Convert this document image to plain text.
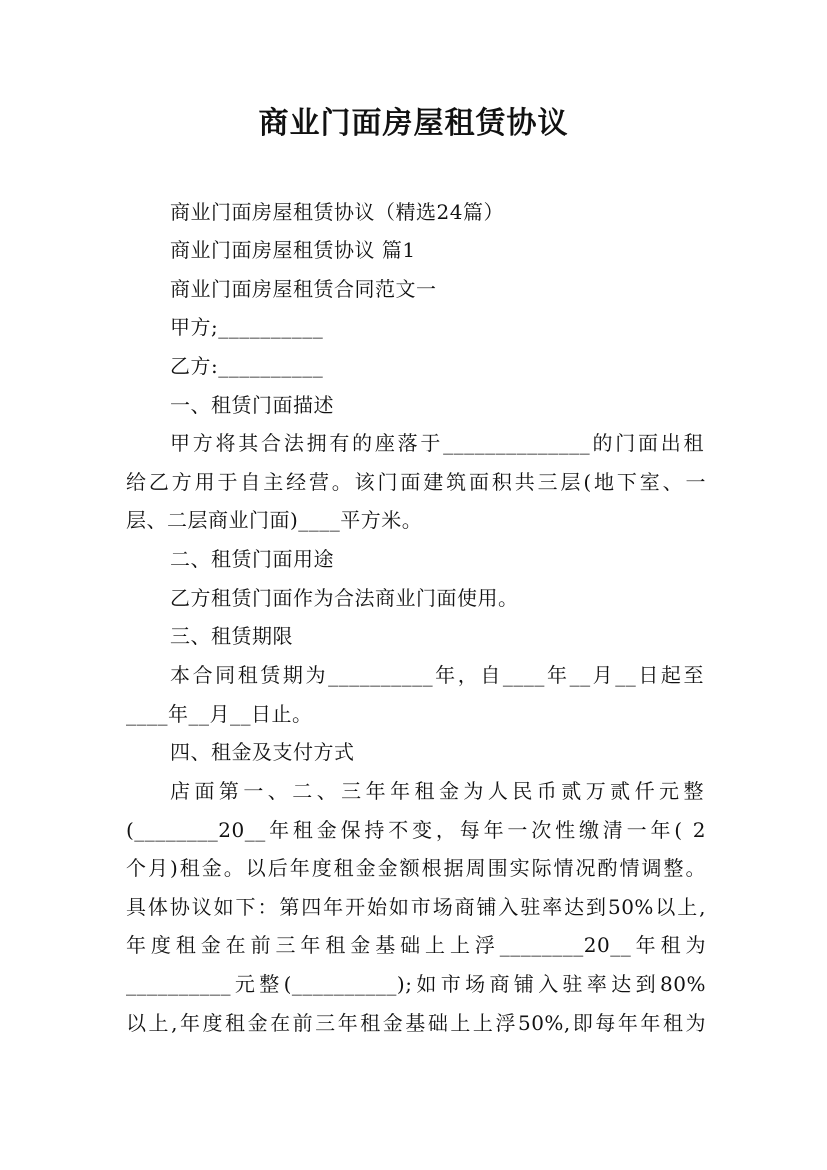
商业门面房屋租赁协议
商业门面房屋租赁协议（精选24篇）
商业门面房屋租赁协议 篇1
商业门面房屋租赁合同范文一
甲方;__________
乙方:__________
一、租赁门面描述
甲方将其合法拥有的座落于______________的门面出租
给乙方用于自主经营。该门面建筑面积共三层(地下室、一
层、二层商业门面)____平方米。
二、租赁门面用途
乙方租赁门面作为合法商业门面使用。
三、租赁期限
本合同租赁期为__________年，自____年__月__日起至
____年__月__日止。
四、租金及支付方式
店面第一、二、三年年租金为人民币贰万贰仟元整
(________20__年租金保持不变，每年一次性缴清一年( 2
个月)租金。以后年度租金金额根据周围实际情况酌情调整。
具体协议如下：第四年开始如市场商铺入驻率达到50%以上,
年度租金在前三年租金基础上上浮________20__年租为
__________元整(__________);如市场商铺入驻率达到80%
以上,年度租金在前三年租金基础上上浮50%,即每年年租为
